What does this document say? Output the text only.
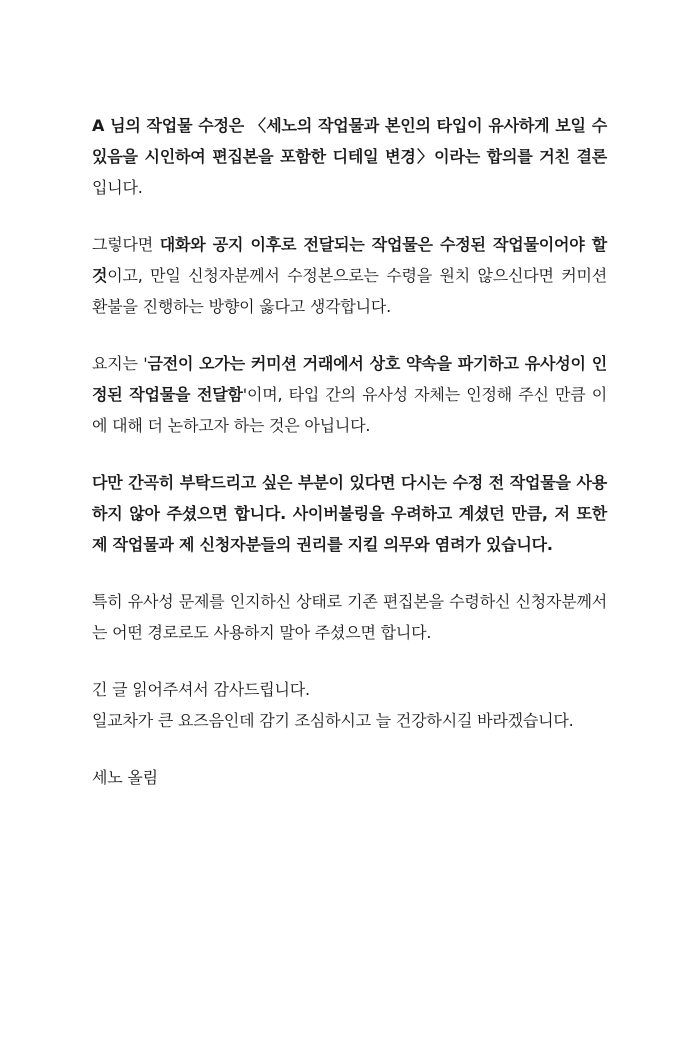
A 님의 작업물 수정은 〈세노의 작업물과 본인의 타입이 유사하게 보일 수 있음을 시인하여 편집본을 포함한 디테일 변경〉이라는 합의를 거친 결론입니다.

그렇다면 대화와 공지 이후로 전달되는 작업물은 수정된 작업물이어야 할 것이고, 만일 신청자분께서 수정본으로는 수령을 원치 않으신다면 커미션 환불을 진행하는 방향이 옳다고 생각합니다.

요지는 '금전이 오가는 커미션 거래에서 상호 약속을 파기하고 유사성이 인정된 작업물을 전달함'이며, 타입 간의 유사성 자체는 인정해 주신 만큼 이에 대해 더 논하고자 하는 것은 아닙니다.

다만 간곡히 부탁드리고 싶은 부분이 있다면 다시는 수정 전 작업물을 사용하지 않아 주셨으면 합니다. 사이버불링을 우려하고 계셨던 만큼, 저 또한 제 작업물과 제 신청자분들의 권리를 지킬 의무와 염려가 있습니다.

특히 유사성 문제를 인지하신 상태로 기존 편집본을 수령하신 신청자분께서는 어떤 경로로도 사용하지 말아 주셨으면 합니다.

긴 글 읽어주셔서 감사드립니다.
일교차가 큰 요즈음인데 감기 조심하시고 늘 건강하시길 바라겠습니다.

세노 올림
